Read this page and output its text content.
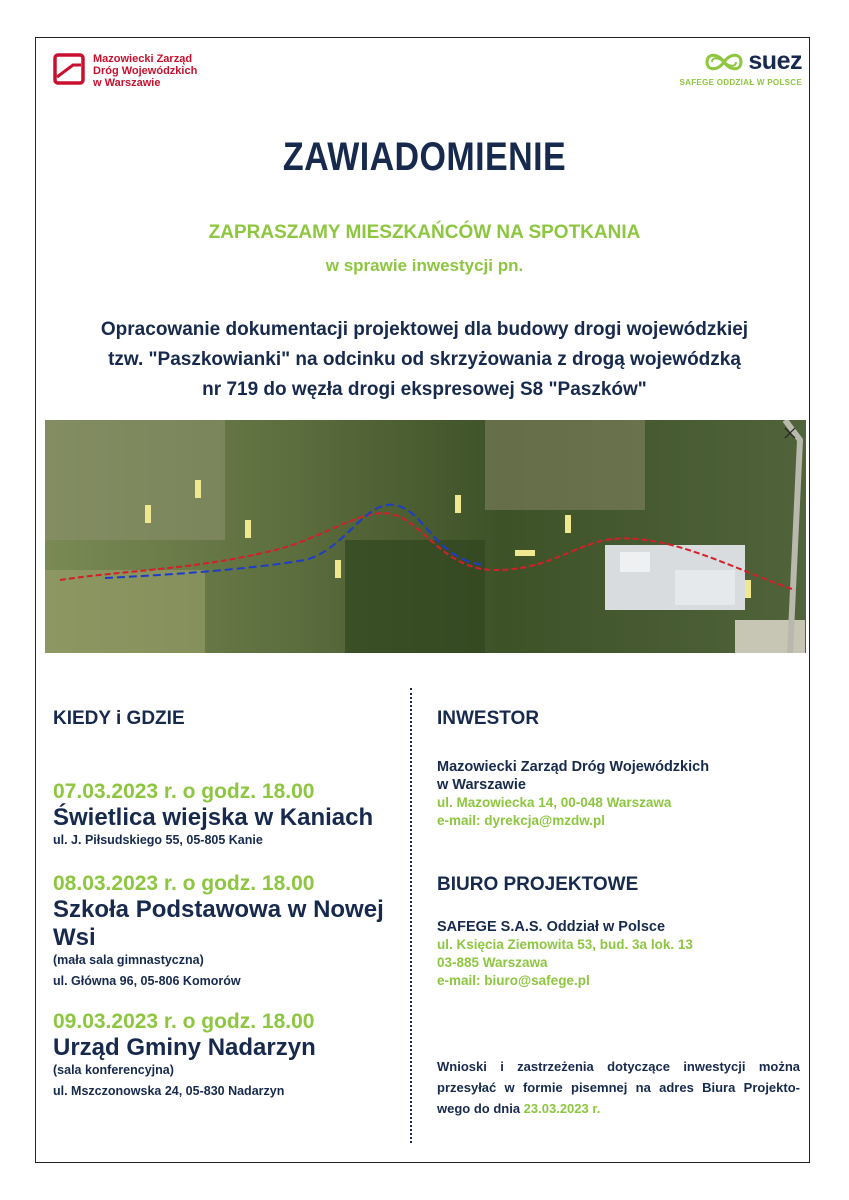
Mazowiecki Zarząd
Dróg Wojewódzkich
w Warszawie
suez
SAFEGE ODDZIAŁ W POLSCE
ZAWIADOMIENIE
ZAPRASZAMY MIESZKAŃCÓW NA SPOTKANIA
w sprawie inwestycji pn.
Opracowanie dokumentacji projektowej dla budowy drogi wojewódzkiej
tzw. "Paszkowianki" na odcinku od skrzyżowania z drogą wojewódzką
nr 719 do węzła drogi ekspresowej S8 "Paszków"
KIEDY i GDZIE
07.03.2023 r. o godz. 18.00
Świetlica wiejska w Kaniach
ul. J. Piłsudskiego 55, 05-805 Kanie
08.03.2023 r. o godz. 18.00
Szkoła Podstawowa w Nowej Wsi
(mała sala gimnastyczna)
ul. Główna 96, 05-806 Komorów
09.03.2023 r. o godz. 18.00
Urząd Gminy Nadarzyn
(sala konferencyjna)
ul. Mszczonowska 24, 05-830 Nadarzyn
INWESTOR
Mazowiecki Zarząd Dróg Wojewódzkich
w Warszawie
ul. Mazowiecka 14, 00-048 Warszawa
e-mail: dyrekcja@mzdw.pl
BIURO PROJEKTOWE
SAFEGE S.A.S. Oddział w Polsce
ul. Księcia Ziemowita 53, bud. 3a lok. 13
03-885 Warszawa
e-mail: biuro@safege.pl
Wnioski i zastrzeżenia dotyczące inwestycji można przesyłać w formie pisemnej na adres Biura Projekto-wego do dnia 23.03.2023 r.
